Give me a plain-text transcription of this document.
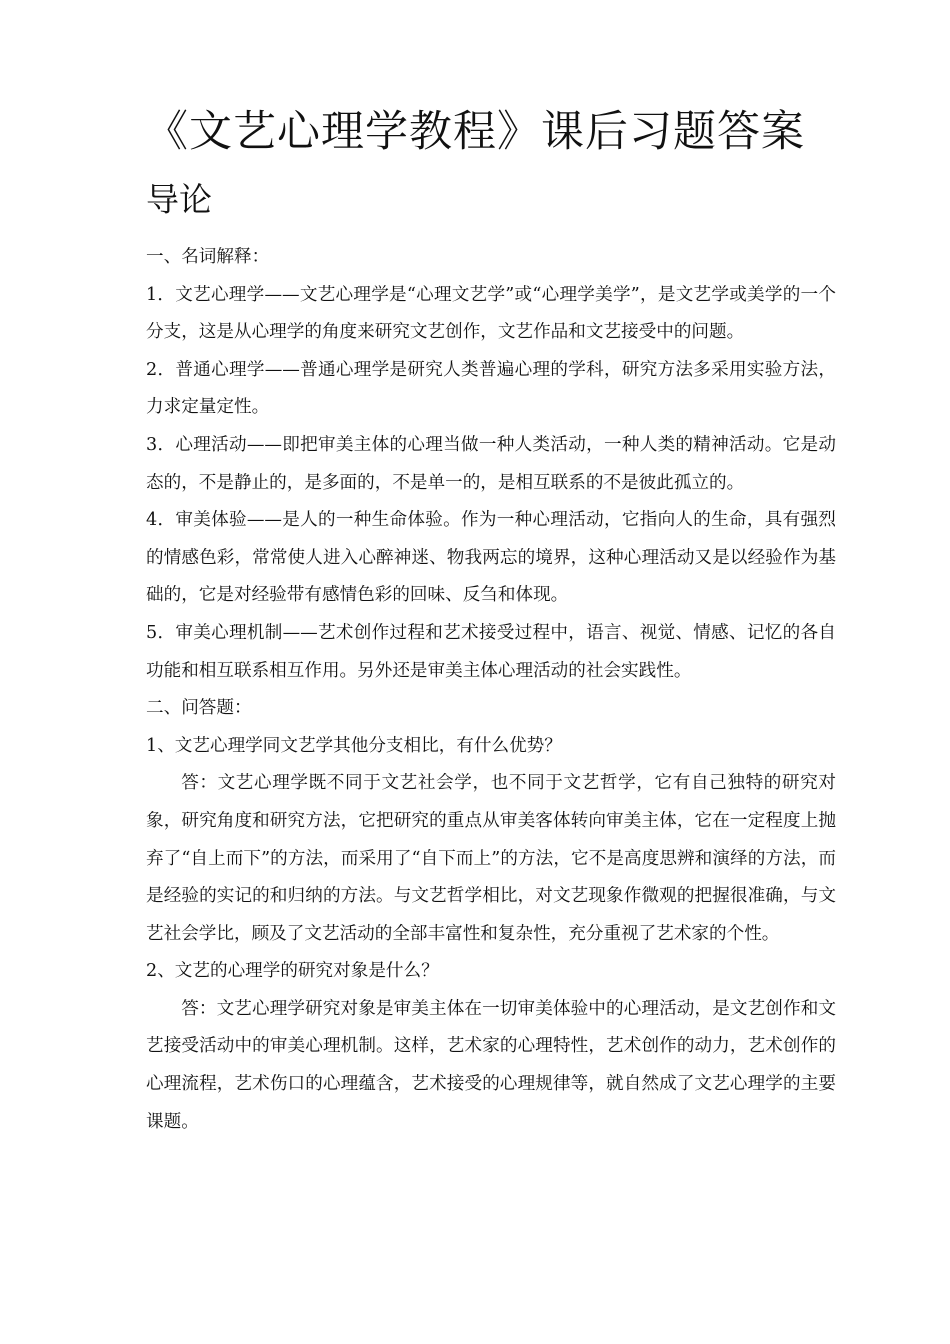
《文艺心理学教程》课后习题答案
导论

一、名词解释：

1．文艺心理学——文艺心理学是“心理文艺学”或“心理学美学”，是文艺学或美学的一个分支，这是从心理学的角度来研究文艺创作，文艺作品和文艺接受中的问题。

2．普通心理学——普通心理学是研究人类普遍心理的学科，研究方法多采用实验方法，力求定量定性。

3．心理活动——即把审美主体的心理当做一种人类活动，一种人类的精神活动。它是动态的，不是静止的，是多面的，不是单一的，是相互联系的不是彼此孤立的。

4．审美体验——是人的一种生命体验。作为一种心理活动，它指向人的生命，具有强烈的情感色彩，常常使人进入心醉神迷、物我两忘的境界，这种心理活动又是以经验作为基础的，它是对经验带有感情色彩的回味、反刍和体现。

5．审美心理机制——艺术创作过程和艺术接受过程中，语言、视觉、情感、记忆的各自功能和相互联系相互作用。另外还是审美主体心理活动的社会实践性。

二、问答题：

1、文艺心理学同文艺学其他分支相比，有什么优势？

答：文艺心理学既不同于文艺社会学，也不同于文艺哲学，它有自己独特的研究对象，研究角度和研究方法，它把研究的重点从审美客体转向审美主体，它在一定程度上抛弃了“自上而下”的方法，而采用了“自下而上”的方法，它不是高度思辨和演绎的方法，而是经验的实记的和归纳的方法。与文艺哲学相比，对文艺现象作微观的把握很准确，与文艺社会学比，顾及了文艺活动的全部丰富性和复杂性，充分重视了艺术家的个性。

2、文艺的心理学的研究对象是什么？

答：文艺心理学研究对象是审美主体在一切审美体验中的心理活动，是文艺创作和文艺接受活动中的审美心理机制。这样，艺术家的心理特性，艺术创作的动力，艺术创作的心理流程，艺术伤口的心理蕴含，艺术接受的心理规律等，就自然成了文艺心理学的主要课题。
